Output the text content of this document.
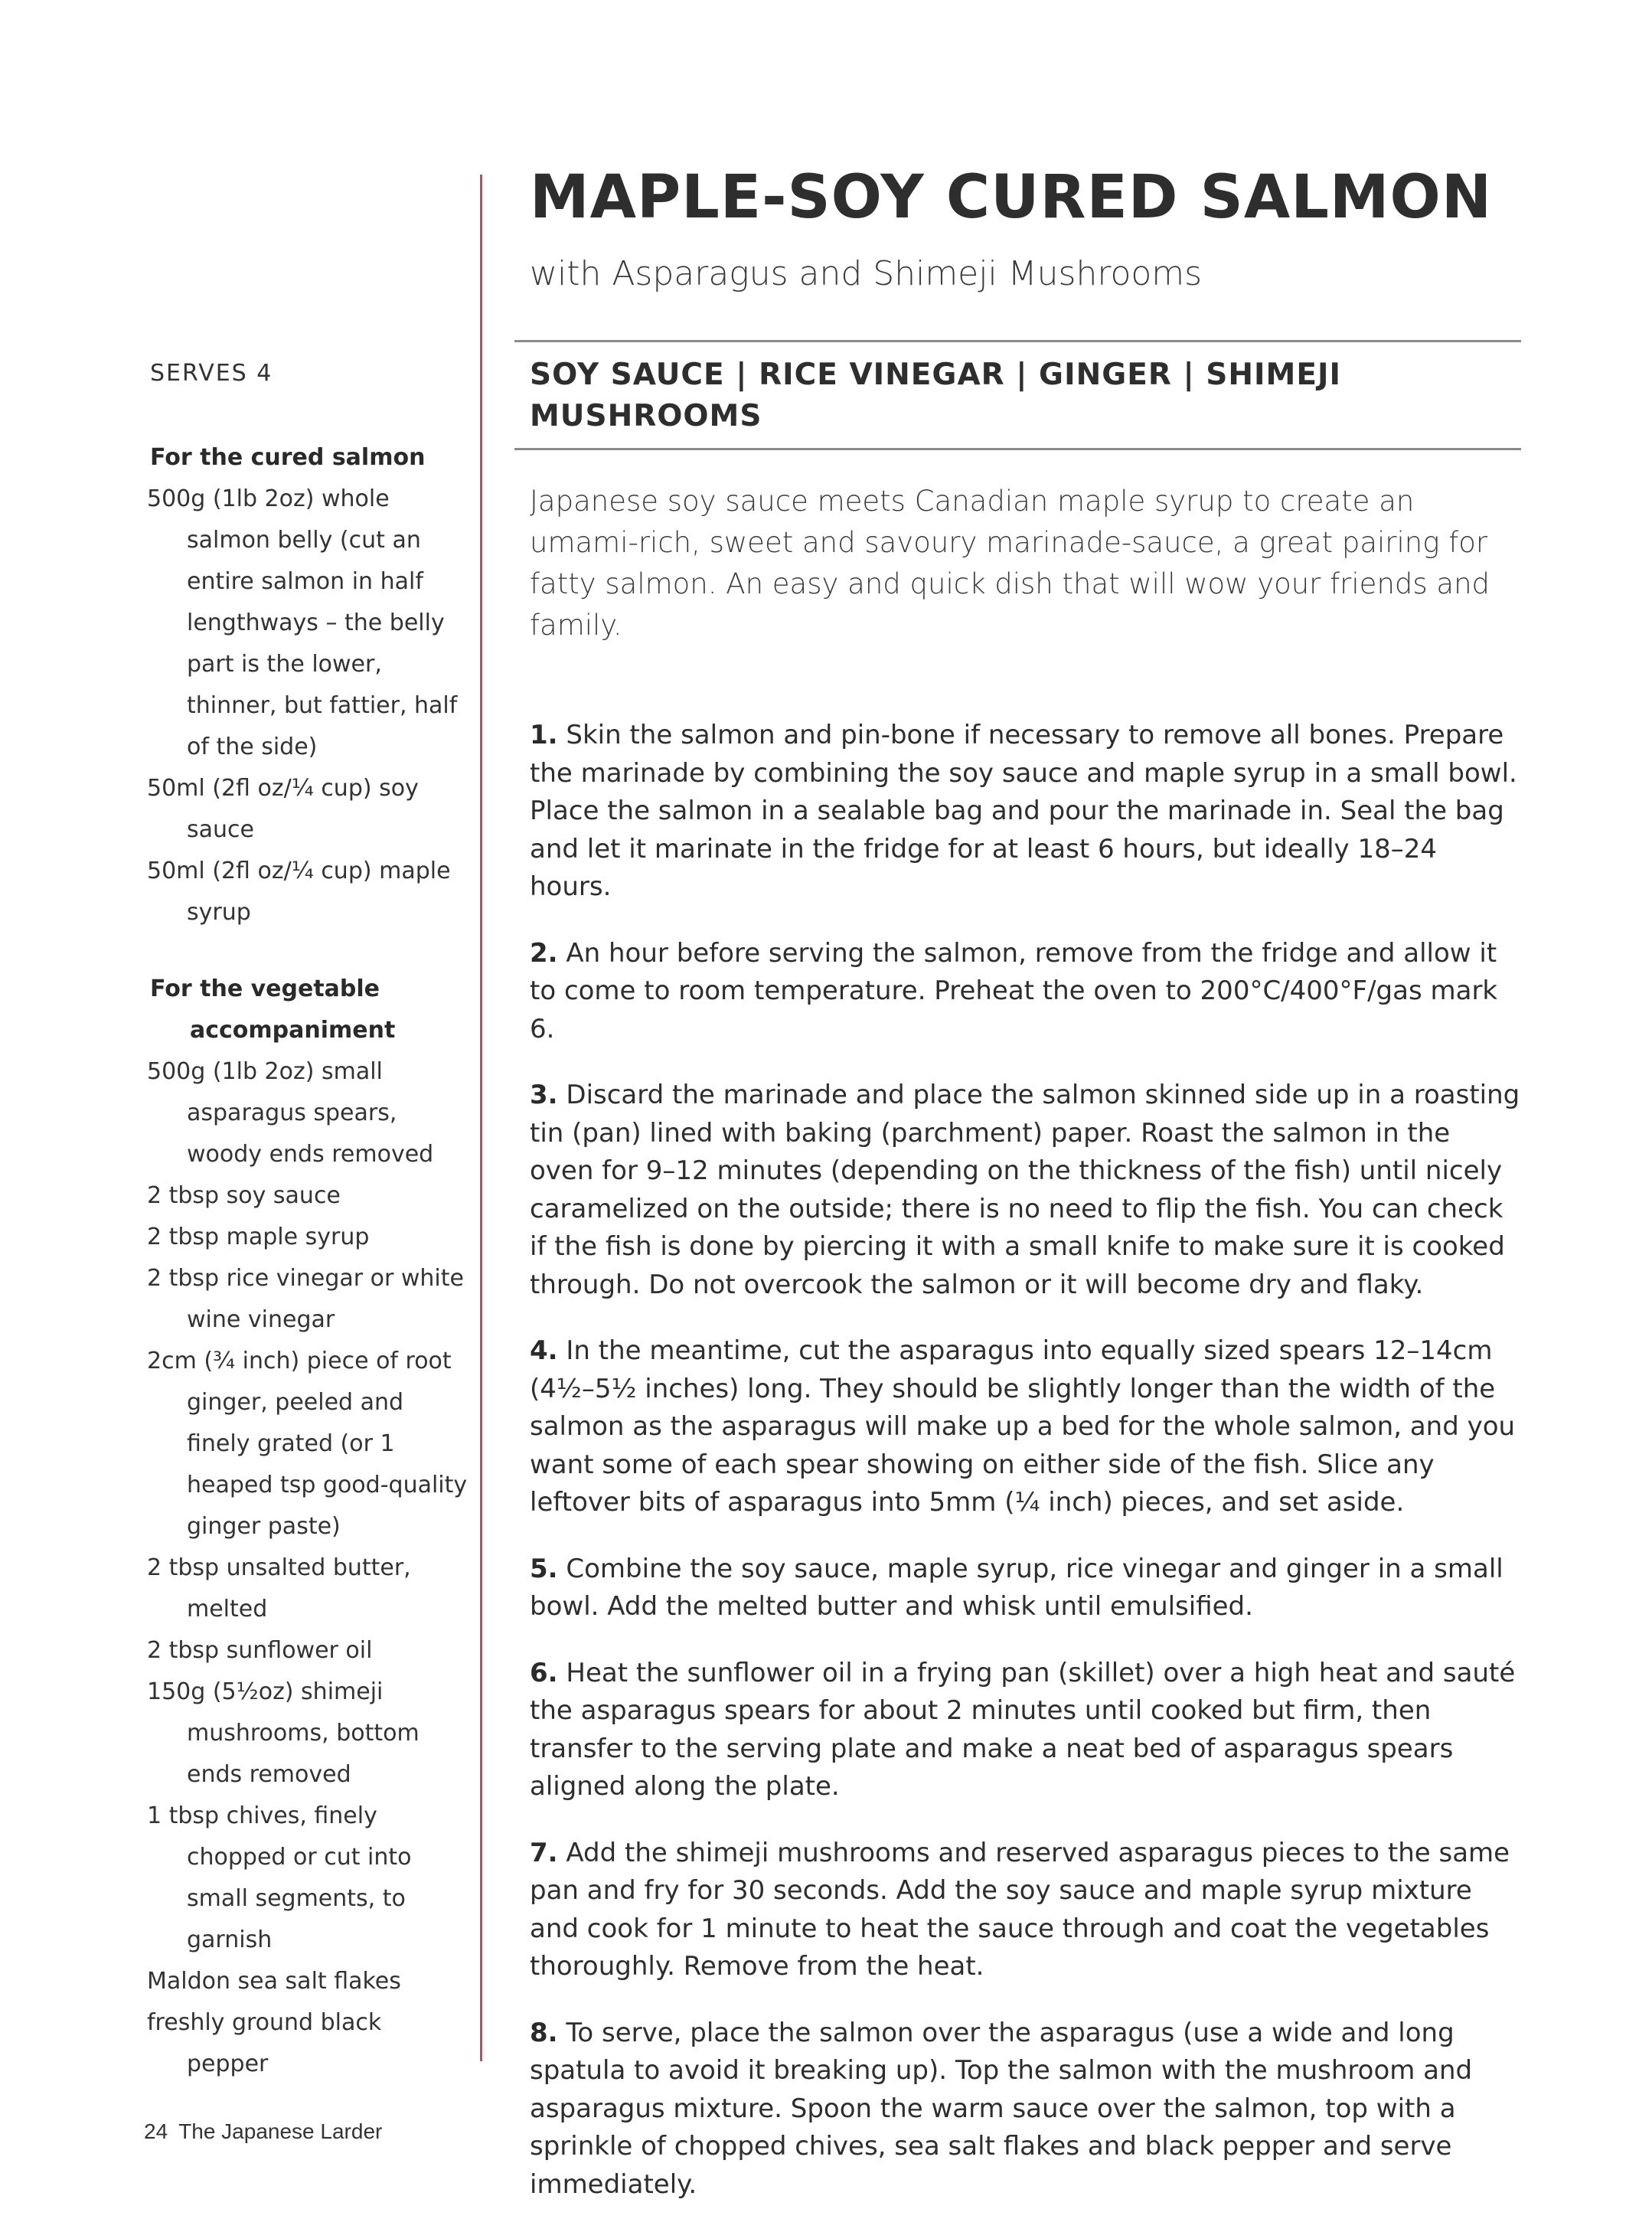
SERVES 4
For the cured salmon
500g (1lb 2oz) whole salmon belly (cut an entire salmon in half lengthways – the belly part is the lower, thinner, but fattier, half of the side)
50ml (2fl oz/¼ cup) soy sauce
50ml (2fl oz/¼ cup) maple syrup
For the vegetable accompaniment
500g (1lb 2oz) small asparagus spears, woody ends removed
2 tbsp soy sauce
2 tbsp maple syrup
2 tbsp rice vinegar or white wine vinegar
2cm (¾ inch) piece of root ginger, peeled and finely grated (or 1 heaped tsp good-quality ginger paste)
2 tbsp unsalted butter, melted
2 tbsp sunflower oil
150g (5½oz) shimeji mushrooms, bottom ends removed
1 tbsp chives, finely chopped or cut into small segments, to garnish
Maldon sea salt flakes
freshly ground black pepper
MAPLE-SOY CURED SALMON
with Asparagus and Shimeji Mushrooms
SOY SAUCE | RICE VINEGAR | GINGER | SHIMEJI MUSHROOMS

Japanese soy sauce meets Canadian maple syrup to create an umami-rich, sweet and savoury marinade-sauce, a great pairing for fatty salmon. An easy and quick dish that will wow your friends and family.

1. Skin the salmon and pin-bone if necessary to remove all bones. Prepare the marinade by combining the soy sauce and maple syrup in a small bowl. Place the salmon in a sealable bag and pour the marinade in. Seal the bag and let it marinate in the fridge for at least 6 hours, but ideally 18–24 hours.

2. An hour before serving the salmon, remove from the fridge and allow it to come to room temperature. Preheat the oven to 200°C/400°F/gas mark 6.

3. Discard the marinade and place the salmon skinned side up in a roasting tin (pan) lined with baking (parchment) paper. Roast the salmon in the oven for 9–12 minutes (depending on the thickness of the fish) until nicely caramelized on the outside; there is no need to flip the fish. You can check if the fish is done by piercing it with a small knife to make sure it is cooked through. Do not overcook the salmon or it will become dry and flaky.

4. In the meantime, cut the asparagus into equally sized spears 12–14cm (4½–5½ inches) long. They should be slightly longer than the width of the salmon as the asparagus will make up a bed for the whole salmon, and you want some of each spear showing on either side of the fish. Slice any leftover bits of asparagus into 5mm (¼ inch) pieces, and set aside.

5. Combine the soy sauce, maple syrup, rice vinegar and ginger in a small bowl. Add the melted butter and whisk until emulsified.

6. Heat the sunflower oil in a frying pan (skillet) over a high heat and sauté the asparagus spears for about 2 minutes until cooked but firm, then transfer to the serving plate and make a neat bed of asparagus spears aligned along the plate.

7. Add the shimeji mushrooms and reserved asparagus pieces to the same pan and fry for 30 seconds. Add the soy sauce and maple syrup mixture and cook for 1 minute to heat the sauce through and coat the vegetables thoroughly. Remove from the heat.

8. To serve, place the salmon over the asparagus (use a wide and long spatula to avoid it breaking up). Top the salmon with the mushroom and asparagus mixture. Spoon the warm sauce over the salmon, top with a sprinkle of chopped chives, sea salt flakes and black pepper and serve immediately.

24 The Japanese Larder
